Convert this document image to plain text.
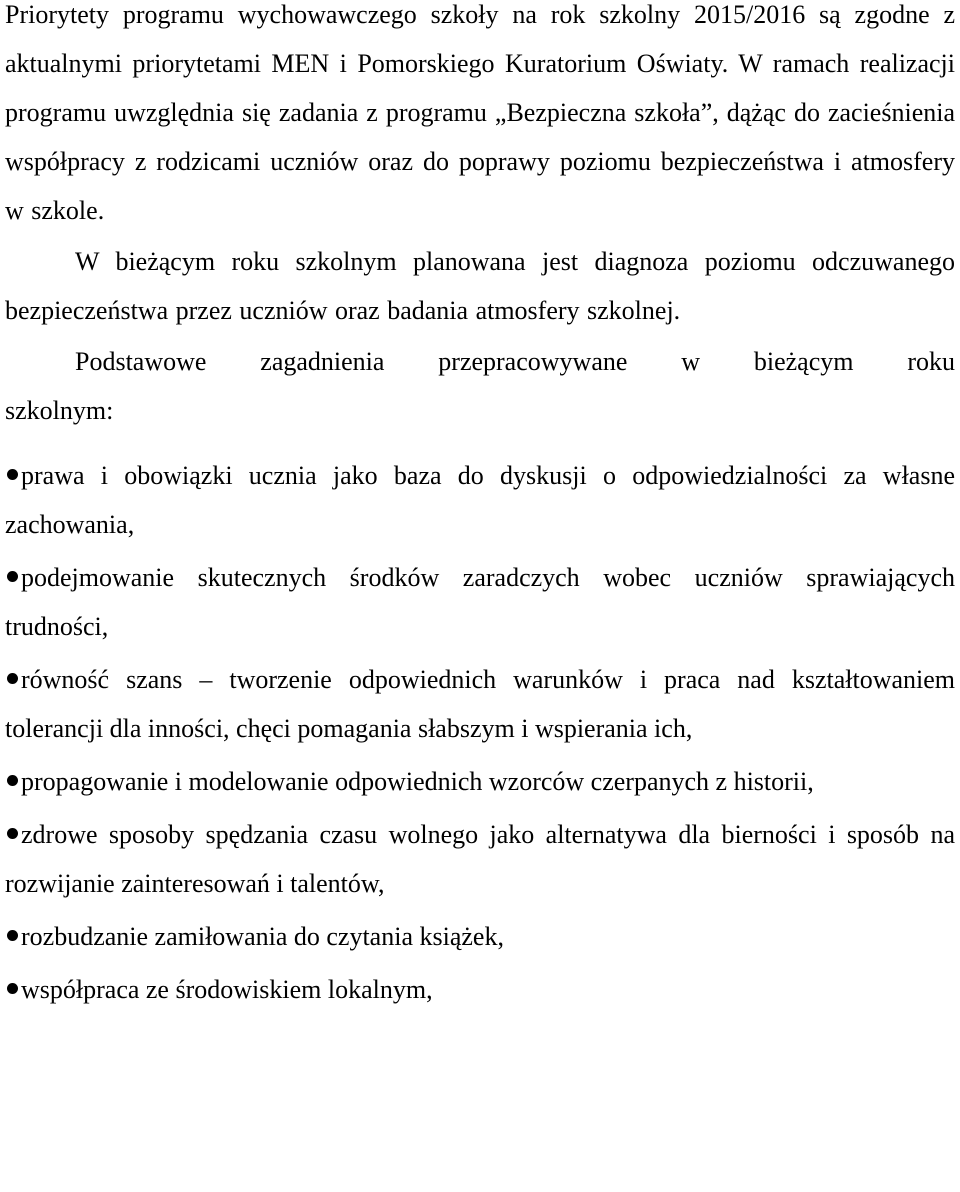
Priorytety programu wychowawczego szkoły na rok szkolny 2015/2016 są zgodne z aktualnymi priorytetami MEN i Pomorskiego Kuratorium Oświaty. W ramach realizacji programu uwzględnia się zadania z programu „Bezpieczna szkoła”, dążąc do zacieśnienia współpracy z rodzicami uczniów oraz do poprawy poziomu bezpieczeństwa i atmosfery w szkole.

W bieżącym roku szkolnym planowana jest diagnoza poziomu odczuwanego bezpieczeństwa przez uczniów oraz badania atmosfery szkolnej.

Podstawowe zagadnienia przepracowywane w bieżącym roku

szkolnym:

prawa i obowiązki ucznia jako baza do dyskusji o odpowiedzialności za własne zachowania,

podejmowanie skutecznych środków zaradczych wobec uczniów sprawiających trudności,

równość szans – tworzenie odpowiednich warunków i praca nad kształtowaniem tolerancji dla inności, chęci pomagania słabszym i wspierania ich,

propagowanie i modelowanie odpowiednich wzorców czerpanych z historii,

zdrowe sposoby spędzania czasu wolnego jako alternatywa dla bierności i sposób na rozwijanie zainteresowań i talentów,

rozbudzanie zamiłowania do czytania książek,

współpraca ze środowiskiem lokalnym,
